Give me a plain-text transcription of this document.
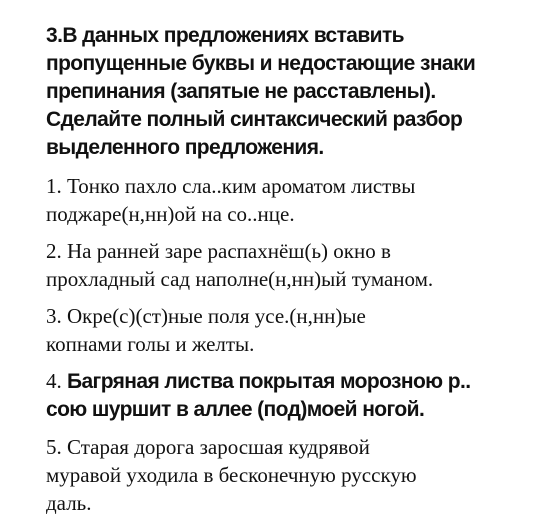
3.В данных предложениях вставить
пропущенные буквы и недостающие знаки
препинания (запятые не расставлены).
Сделайте полный синтаксический разбор
выделенного предложения.
1. Тонко пахло сла..ким ароматом листвы
поджаре(н,нн)ой на со..нце.
2. На ранней заре распахнёш(ь) окно в
прохладный сад наполне(н,нн)ый туманом.
3. Окре(с)(ст)ные поля усе.(н,нн)ые
копнами голы и желты.
4. Багряная листва покрытая морозною р..
сою шуршит в аллее (под)моей ногой.
5. Старая дорога заросшая кудрявой
муравой уходила в бесконечную русскую
даль.
